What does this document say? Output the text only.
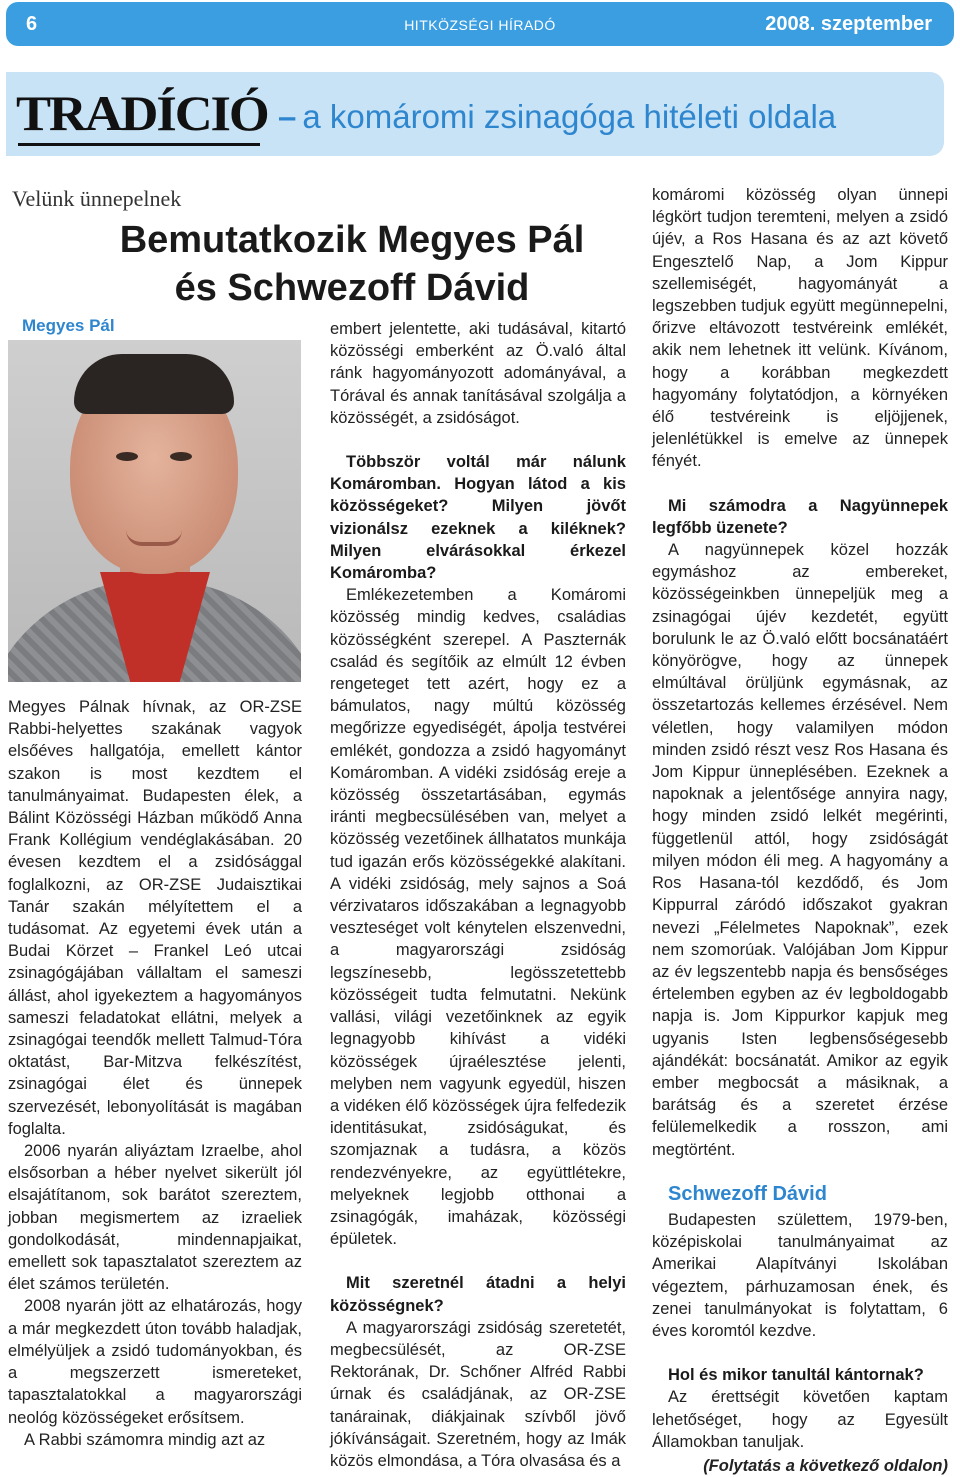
6	HITKÖZSÉGI HÍRADÓ	2008. szeptember
TRADÍCIÓ – a komáromi zsinagóga hitéleti oldala
Velünk ünnepelnek
Bemutatkozik Megyes Pál
és Schwezoff Dávid
Megyes Pál

Megyes Pálnak hívnak, az OR-ZSE Rabbi-helyettes szakának vagyok elsőéves hallgatója, emellett kántor szakon is most kezdtem el tanulmányaimat. Budapesten élek, a Bálint Közösségi Házban működő Anna Frank Kollégium vendéglakásában. 20 évesen kezdtem el a zsidósággal foglalkozni, az OR-ZSE Judaisztikai Tanár szakán mélyítettem el a tudásomat. Az egyetemi évek után a Budai Körzet – Frankel Leó utcai zsinagógájában vállaltam el sameszi állást, ahol igyekeztem a hagyományos sameszi feladatokat ellátni, melyek a zsinagógai teendők mellett Talmud-Tóra oktatást, Bar-Mitzva felkészítést, zsinagógai élet és ünnepek szervezését, lebonyolítását is magában foglalta.

2006 nyarán aliyáztam Izraelbe, ahol elsősorban a héber nyelvet sikerült jól elsajátítanom, sok barátot szereztem, jobban megismertem az izraeliek gondolkodását, mindennapjaikat, emellett sok tapasztalatot szereztem az élet számos területén.

2008 nyarán jött az elhatározás, hogy a már megkezdett úton tovább haladjak, elmélyüljek a zsidó tudományokban, és a megszerzett ismereteket, tapasztalatokkal a magyarországi neológ közösségeket erősítsem.

A Rabbi számomra mindig azt az

embert jelentette, aki tudásával, kitartó közösségi emberként az Ö.való által ránk hagyományozott adományával, a Tórával és annak tanításával szolgálja a közösségét, a zsidóságot.

Többször voltál már nálunk Komáromban. Hogyan látod a kis közösségeket? Milyen jövőt vizionálsz ezeknek a kiléknek? Milyen elvárásokkal érkezel Komáromba?

Emlékezetemben a Komáromi közösség mindig kedves, családias közösségként szerepel. A Paszternák család és segítőik az elmúlt 12 évben rengeteget tett azért, hogy ez a bámulatos, nagy múltú közösség megőrizze egyediségét, ápolja testvérei emlékét, gondozza a zsidó hagyományt Komáromban. A vidéki zsidóság ereje a közösség összetartásában, egymás iránti megbecsülésében van, melyet a közösség vezetőinek állhatatos munkája tud igazán erős közösségekké alakítani. A vidéki zsidóság, mely sajnos a Soá vérzivataros időszakában a legnagyobb veszteséget volt kénytelen elszenvedni, a magyarországi zsidóság legszínesebb, legösszetettebb közösségeit tudta felmutatni. Nekünk vallási, világi vezetőinknek az egyik legnagyobb kihívást a vidéki közösségek újraélesztése jelenti, melyben nem vagyunk egyedül, hiszen a vidéken élő közösségek újra felfedezik identitásukat, zsidóságukat, és szomjaznak a tudásra, a közös rendezvényekre, az együttlétekre, melyeknek legjobb otthonai a zsinagógák, imaházak, közösségi épületek.

Mit szeretnél átadni a helyi közösségnek?

A magyarországi zsidóság szeretetét, megbecsülését, az OR-ZSE Rektorának, Dr. Schőner Alfréd Rabbi úrnak és családjának, az OR-ZSE tanárainak, diákjainak szívből jövő jókívánságait. Szeretném, hogy az Imák közös elmondása, a Tóra olvasása és a

komáromi közösség olyan ünnepi légkört tudjon teremteni, melyen a zsidó újév, a Ros Hasana és az azt követő Engesztelő Nap, a Jom Kippur szellemiségét, hagyományát a legszebben tudjuk együtt megünnepelni, őrizve eltávozott testvéreink emlékét, akik nem lehetnek itt velünk. Kívánom, hogy a korábban megkezdett hagyomány folytatódjon, a környéken élő testvéreink is eljöjjenek, jelenlétükkel is emelve az ünnepek fényét.

Mi számodra a Nagyünnepek legfőbb üzenete?

A nagyünnepek közel hozzák egymáshoz az embereket, közösségeinkben ünnepeljük meg a zsinagógai újév kezdetét, együtt borulunk le az Ö.való előtt bocsánatáért könyörögve, hogy az ünnepek elmúltával örüljünk egymásnak, az összetartozás kellemes érzésével. Nem véletlen, hogy valamilyen módon minden zsidó részt vesz Ros Hasana és Jom Kippur ünneplésében. Ezeknek a napoknak a jelentősége annyira nagy, hogy minden zsidó lelkét megérinti, függetlenül attól, hogy zsidóságát milyen módon éli meg. A hagyomány a Ros Hasana-tól kezdődő, és Jom Kippurral záródó időszakot gyakran nevezi „Félelmetes Napoknak”, ezek nem szomorúak. Valójában Jom Kippur az év legszentebb napja és bensőséges értelemben egyben az év legboldogabb napja is. Jom Kippurkor kapjuk meg ugyanis Isten legbensőségesebb ajándékát: bocsánatát. Amikor az egyik ember megbocsát a másiknak, a barátság és a szeretet érzése felülemelkedik a rosszon, ami megtörtént.

Schwezoff Dávid

Budapesten születtem, 1979-ben, középiskolai tanulmányaimat az Amerikai Alapítványi Iskolában végeztem, párhuzamosan ének, és zenei tanulmányokat is folytattam, 6 éves koromtól kezdve.

Hol és mikor tanultál kántornak?

Az érettségit követően kaptam lehetőséget, hogy az Egyesült Államokban tanuljak.

(Folytatás a következő oldalon)
